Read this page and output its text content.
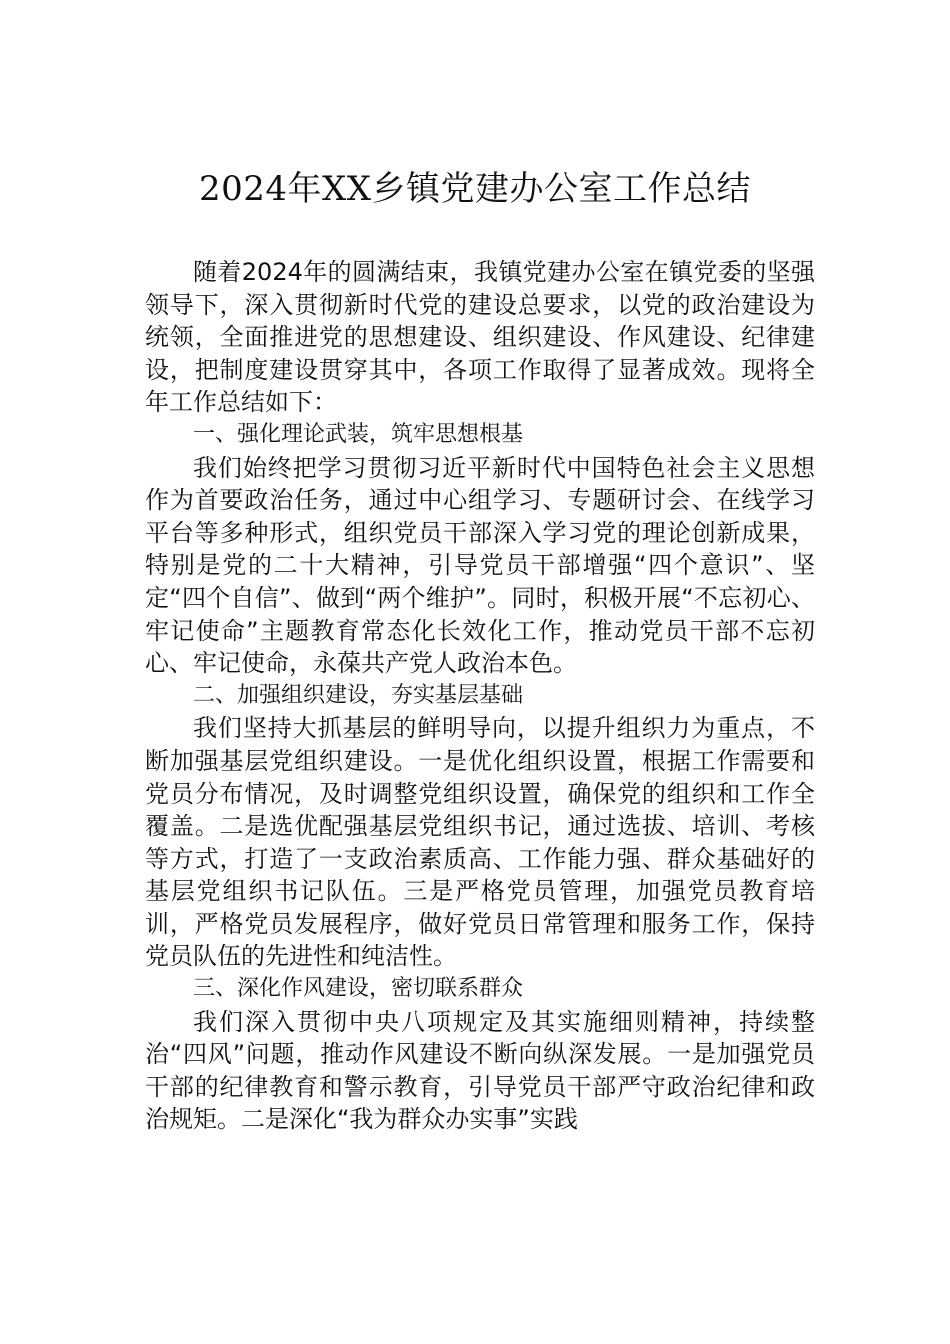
2024年XX乡镇党建办公室工作总结

随着2024年的圆满结束，我镇党建办公室在镇党委的坚强领导下，深入贯彻新时代党的建设总要求，以党的政治建设为统领，全面推进党的思想建设、组织建设、作风建设、纪律建设，把制度建设贯穿其中，各项工作取得了显著成效。现将全年工作总结如下：

一、强化理论武装，筑牢思想根基

我们始终把学习贯彻习近平新时代中国特色社会主义思想作为首要政治任务，通过中心组学习、专题研讨会、在线学习平台等多种形式，组织党员干部深入学习党的理论创新成果，特别是党的二十大精神，引导党员干部增强“四个意识”、坚定“四个自信”、做到“两个维护”。同时，积极开展“不忘初心、牢记使命”主题教育常态化长效化工作，推动党员干部不忘初心、牢记使命，永葆共产党人政治本色。

二、加强组织建设，夯实基层基础

我们坚持大抓基层的鲜明导向，以提升组织力为重点，不断加强基层党组织建设。一是优化组织设置，根据工作需要和党员分布情况，及时调整党组织设置，确保党的组织和工作全覆盖。二是选优配强基层党组织书记，通过选拔、培训、考核等方式，打造了一支政治素质高、工作能力强、群众基础好的基层党组织书记队伍。三是严格党员管理，加强党员教育培训，严格党员发展程序，做好党员日常管理和服务工作，保持党员队伍的先进性和纯洁性。

三、深化作风建设，密切联系群众

我们深入贯彻中央八项规定及其实施细则精神，持续整治“四风”问题，推动作风建设不断向纵深发展。一是加强党员干部的纪律教育和警示教育，引导党员干部严守政治纪律和政治规矩。二是深化“我为群众办实事”实践
